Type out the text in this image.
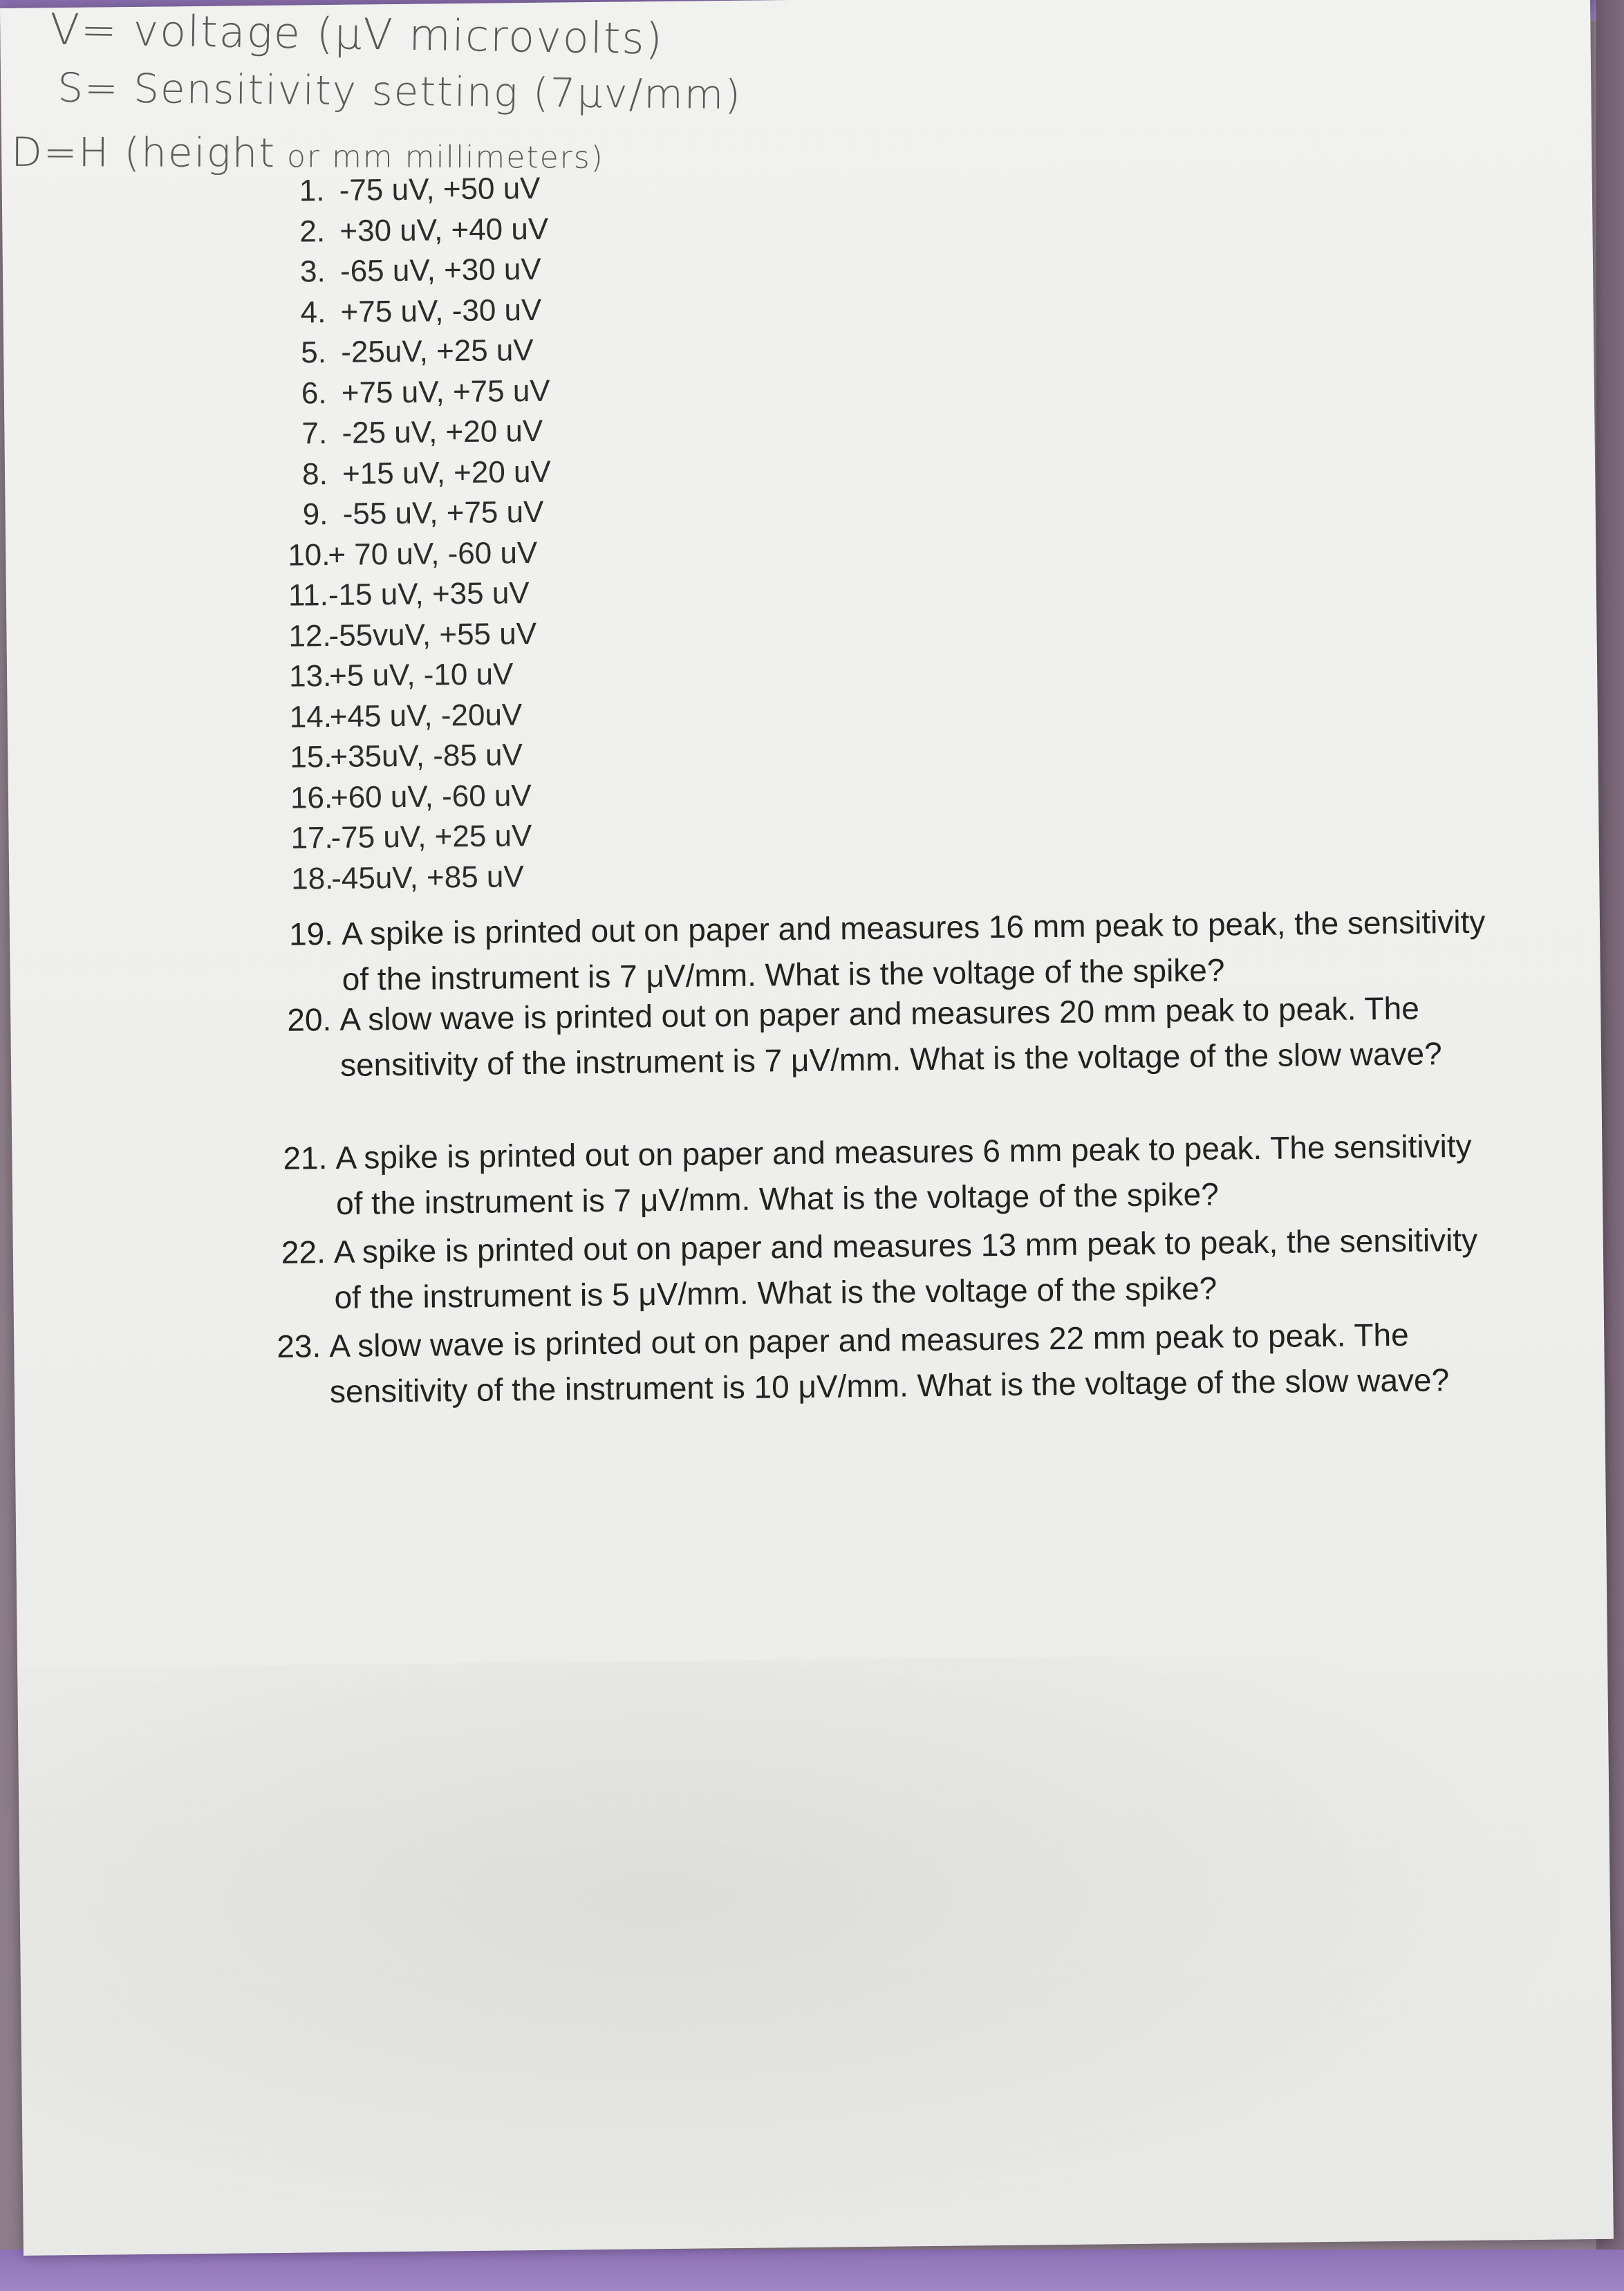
V= voltage (μV microvolts)
S= Sensitivity setting (7μv/mm)
D=H (height or mm millimeters)
1. -75 uV, +50 uV
2. +30 uV, +40 uV
3. -65 uV, +30 uV
4. +75 uV, -30 uV
5. -25uV, +25 uV
6. +75 uV, +75 uV
7. -25 uV, +20 uV
8. +15 uV, +20 uV
9. -55 uV, +75 uV
10.
+ 70 uV, -60 uV
11. -15 uV, +35 uV
12.
-55vuV, +55 uV
13.
+5 uV, -10 uV
14.
+45 uV, -20uV
15.
+35uV, -85 uV
16.
+60 uV, -60 uV
17.
-75 uV, +25 uV
18.
-45uV, +85 uV
19. A spike is printed out on paper and measures 16 mm peak to peak, the sensitivity of the instrument is 7 μV/mm. What is the voltage of the spike?
20. A slow wave is printed out on paper and measures 20 mm peak to peak. The sensitivity of the instrument is 7 μV/mm. What is the voltage of the slow wave?
21. A spike is printed out on paper and measures 6 mm peak to peak. The sensitivity of the instrument is 7 μV/mm. What is the voltage of the spike?
22. A spike is printed out on paper and measures 13 mm peak to peak, the sensitivity of the instrument is 5 μV/mm. What is the voltage of the spike?
23. A slow wave is printed out on paper and measures 22 mm peak to peak. The sensitivity of the instrument is 10 μV/mm. What is the voltage of the slow wave?
